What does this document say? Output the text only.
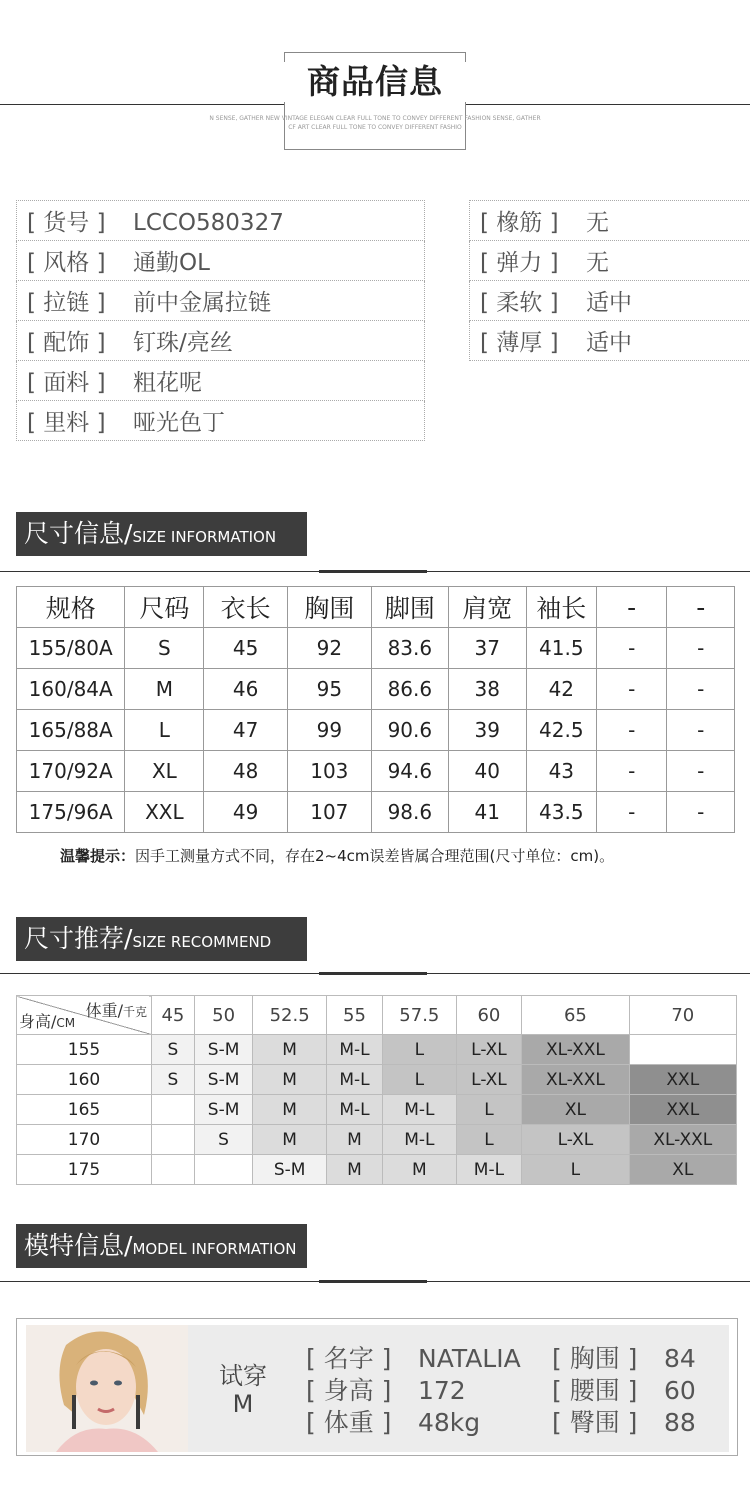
商品信息
N SENSE, GATHER NEW VINTAGE ELEGAN CLEAR FULL TONE TO CONVEY DIFFERENT FASHION SENSE, GATHER
CF ART CLEAR FULL TONE TO CONVEY DIFFERENT FASHIO
[ 货号 ] LCCO580327
[ 风格 ] 通勤OL
[ 拉链 ] 前中金属拉链
[ 配饰 ] 钉珠/亮丝
[ 面料 ] 粗花呢
[ 里料 ] 哑光色丁
[ 橡筋 ] 无
[ 弹力 ] 无
[ 柔软 ] 适中
[ 薄厚 ] 适中
尺寸信息/SIZE INFORMATION
规格	尺码	衣长	胸围	脚围	肩宽	袖长	-	-
155/80A	S	45	92	83.6	37	41.5	-	-
160/84A	M	46	95	86.6	38	42	-	-
165/88A	L	47	99	90.6	39	42.5	-	-
170/92A	XL	48	103	94.6	40	43	-	-
175/96A	XXL	49	107	98.6	41	43.5	-	-
温馨提示：因手工测量方式不同，存在2~4cm误差皆属合理范围(尺寸单位：cm)。
尺寸推荐/SIZE RECOMMEND
体重/千克
身高/CM	45	50	52.5	55	57.5	60	65	70
155	S	S-M	M	M-L	L	L-XL	XL-XXL	
160	S	S-M	M	M-L	L	L-XL	XL-XXL	XXL
165		S-M	M	M-L	M-L	L	XL	XXL
170		S	M	M	M-L	L	L-XL	XL-XXL
175			S-M	M	M	M-L	L	XL
模特信息/MODEL INFORMATION
试穿
M
[ 名字 ] NATALIA
[ 身高 ] 172
[ 体重 ] 48kg
[ 胸围 ] 84
[ 腰围 ] 60
[ 臀围 ] 88
